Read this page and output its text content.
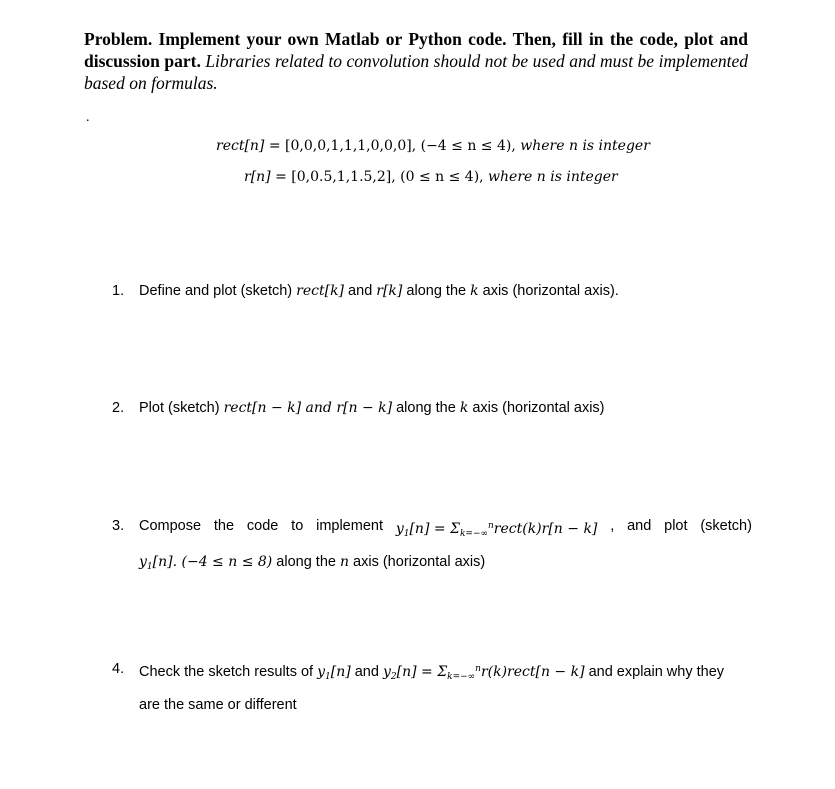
Problem. Implement your own Matlab or Python code. Then, fill in the code, plot and discussion part. Libraries related to convolution should not be used and must be implemented based on formulas.
.
rect[n] = [0,0,0,1,1,1,0,0,0], (−4 ≤ n ≤ 4), where n is integer
r[n] = [0,0.5,1,1.5,2], (0 ≤ n ≤ 4), where n is integer
1. Define and plot (sketch) rect[k] and r[k] along the k axis (horizontal axis).
2. Plot (sketch) rect[n − k] and r[n − k] along the k axis (horizontal axis)
3. Compose the code to implement $y_1[n]$ = $\Sigma_{k=-\infty}^nrect(k)r[n - k]$ , and plot (sketch)
$y_1[n]$. (−4 ≤ n ≤ 8) along the n axis (horizontal axis)
4. Check the sketch results of $y_1[n]$ and $y_2[n]$ = $\Sigma_{k=-\infty}^nr(k)rect[n - k]$ and explain why they
are the same or different
